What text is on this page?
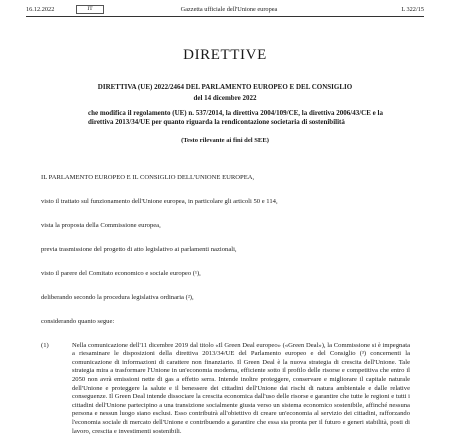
16.12.2022	IT	Gazzetta ufficiale dell'Unione europea	L 322/15
DIRETTIVE
DIRETTIVA (UE) 2022/2464 DEL PARLAMENTO EUROPEO E DEL CONSIGLIO
del 14 dicembre 2022
che modifica il regolamento (UE) n. 537/2014, la direttiva 2004/109/CE, la direttiva 2006/43/CE e la direttiva 2013/34/UE per quanto riguarda la rendicontazione societaria di sostenibilità
(Testo rilevante ai fini del SEE)
IL PARLAMENTO EUROPEO E IL CONSIGLIO DELL'UNIONE EUROPEA,
visto il trattato sul funzionamento dell'Unione europea, in particolare gli articoli 50 e 114,
vista la proposta della Commissione europea,
previa trasmissione del progetto di atto legislativo ai parlamenti nazionali,
visto il parere del Comitato economico e sociale europeo (¹),
deliberando secondo la procedura legislativa ordinaria (²),
considerando quanto segue:
(1)	Nella comunicazione dell'11 dicembre 2019 dal titolo «Il Green Deal europeo» («Green Deal»), la Commissione si è impegnata a riesaminare le disposizioni della direttiva 2013/34/UE del Parlamento europeo e del Consiglio (³) concernenti la comunicazione di informazioni di carattere non finanziario. Il Green Deal è la nuova strategia di crescita dell'Unione. Tale strategia mira a trasformare l'Unione in un'economia moderna, efficiente sotto il profilo delle risorse e competitiva che entro il 2050 non avrà emissioni nette di gas a effetto serra. Intende inoltre proteggere, conservare e migliorare il capitale naturale dell'Unione e proteggere la salute e il benessere dei cittadini dell'Unione dai rischi di natura ambientale e dalle relative conseguenze. Il Green Deal intende dissociare la crescita economica dall'uso delle risorse e garantire che tutte le regioni e tutti i cittadini dell'Unione partecipino a una transizione socialmente giusta verso un sistema economico sostenibile, affinché nessuna persona e nessun luogo siano esclusi. Esso contribuirà all'obiettivo di creare un'economia al servizio dei cittadini, rafforzando l'economia sociale di mercato dell'Unione e contribuendo a garantire che essa sia pronta per il futuro e generi stabilità, posti di lavoro, crescita e investimenti sostenibili.
